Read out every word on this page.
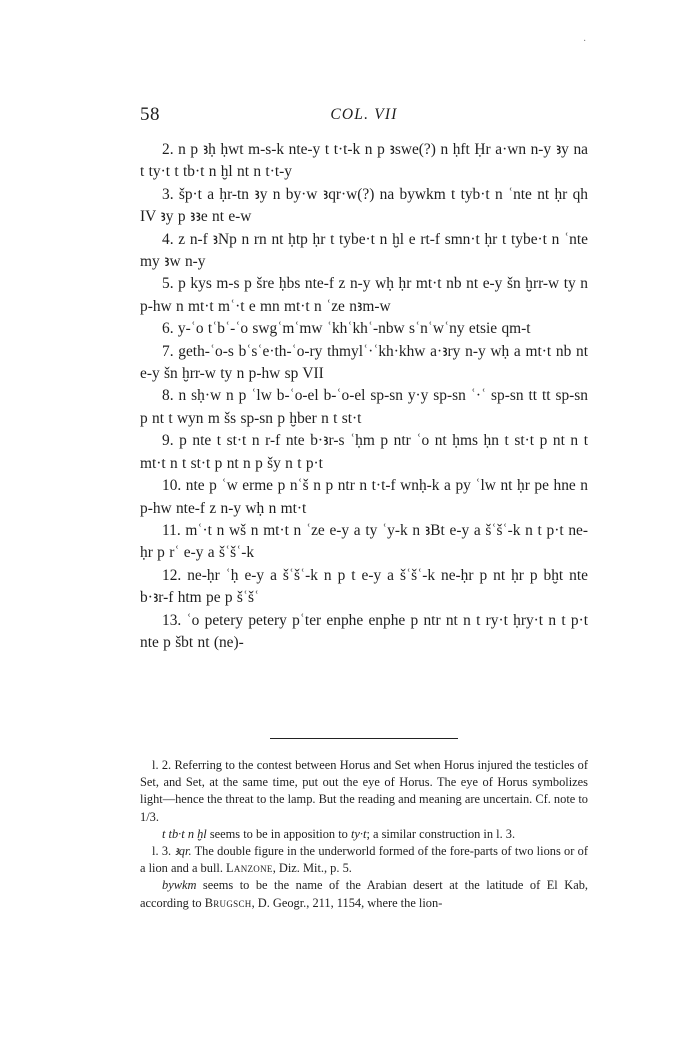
·
58	COL. VII

2. n p ꜣḥ ḥwt m-s-k nte-y t t·t-k n p ꜣswe(?) n ḥft Ḥr a·wn n-y ꜣy na t ty·t t tb·t n ḫl nt n t·t-y

3. šp·t a ḥr-tn ꜣy n by·w ꜣqr·w(?) na bywkm t tyb·t n ʿnte nt ḥr qh IV ꜣy p ꜣꜣe nt e-w

4. z n-f ꜣNp n rn nt ḥtp ḥr t tybe·t n ḫl e rt-f smn·t ḥr t tybe·t n ʿnte my ꜣw n-y

5. p kys m-s p šre ḥbs nte-f z n-y wḥ ḥr mt·t nb nt e-y šn ḫrr-w ty n p-hw n mt·t mʿ·t e mn mt·t n ʿze nꜣm-w

6. y-ʿo tʿbʿ-ʿo swgʿmʿmw ʿkhʿkhʿ-nbw sʿnʿwʿny etsie qm-t

7. geth-ʿo-s bʿsʿe·th-ʿo-ry thmylʿ·ʿkh·khw a·ꜣry n-y wḥ a mt·t nb nt e-y šn ḫrr-w ty n p-hw sp VII

8. n sḥ·w n p ʿlw b-ʿo-el b-ʿo-el sp-sn y·y sp-sn ʿ·ʿ sp-sn tt tt sp-sn p nt t wyn m šs sp-sn p ḫber n t st·t

9. p nte t st·t n r-f nte b·ꜣr-s ʿḥm p ntr ʿo nt ḥms ḥn t st·t p nt n t mt·t n t st·t p nt n p šy n t p·t

10. nte p ʿw erme p nʿš n p ntr n t·t-f wnḥ-k a py ʿlw nt ḥr pe hne n p-hw nte-f z n-y wḥ n mt·t

11. mʿ·t n wš n mt·t n ʿze e-y a ty ʿy-k n ꜣBt e-y a šʿšʿ-k n t p·t ne-ḥr p rʿ e-y a šʿšʿ-k

12. ne-ḥr ʿḥ e-y a šʿšʿ-k n p t e-y a šʿšʿ-k ne-ḥr p nt ḥr p bḫt nte b·ꜣr-f htm pe p šʿšʿ

13. ʿo petery petery pʿter enphe enphe p ntr nt n t ry·t ḥry·t n t p·t nte p šbt nt (ne)-

l. 2. Referring to the contest between Horus and Set when Horus injured the testicles of Set, and Set, at the same time, put out the eye of Horus. The eye of Horus symbolizes light—hence the threat to the lamp. But the reading and meaning are uncertain. Cf. note to 1/3.

t tb·t n ḫl seems to be in apposition to ty·t; a similar construction in l. 3.

l. 3. ꜣqr. The double figure in the underworld formed of the fore-parts of two lions or of a lion and a bull. Lanzone, Diz. Mit., p. 5.

bywkm seems to be the name of the Arabian desert at the latitude of El Kab, according to Brugsch, D. Geogr., 211, 1154, where the lion-
